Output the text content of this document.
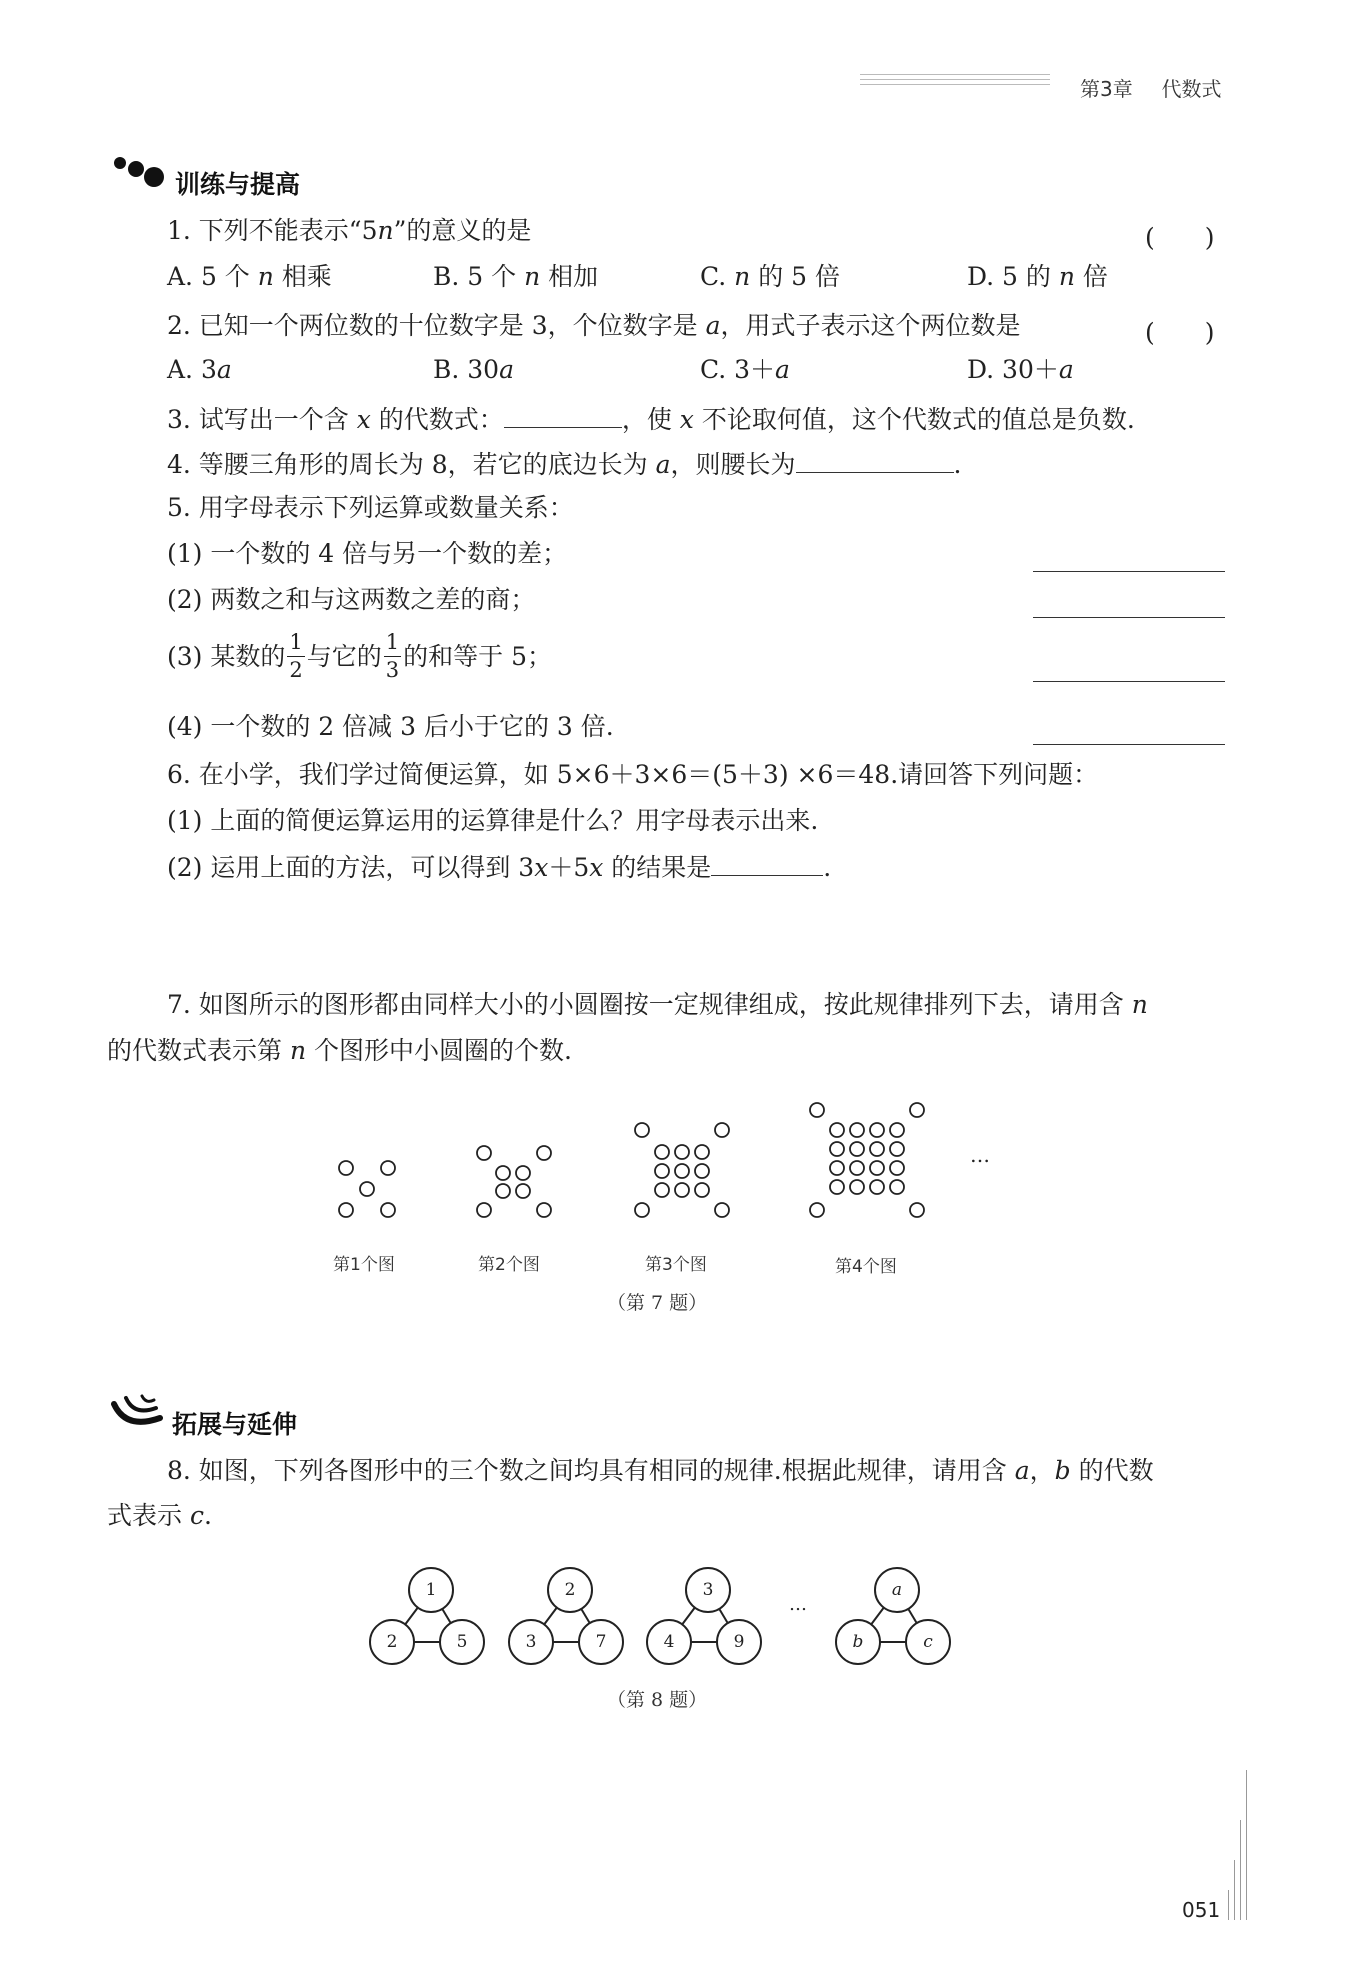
第3章 代数式
训练与提高
1. 下列不能表示“5n”的意义的是	(　　)
A. 5 个 n 相乘	B. 5 个 n 相加	C. n 的 5 倍	D. 5 的 n 倍
2. 已知一个两位数的十位数字是 3，个位数字是 a，用式子表示这个两位数是	(　　)
A. 3a	B. 30a	C. 3＋a	D. 30＋a
3. 试写出一个含 x 的代数式：	，使 x 不论取何值，这个代数式的值总是负数.
4. 等腰三角形的周长为 8，若它的底边长为 a，则腰长为	.
5. 用字母表示下列运算或数量关系：
(1) 一个数的 4 倍与另一个数的差；
(2) 两数之和与这两数之差的商；
(3) 某数的 $\frac{1}{2}$ 与它的 $\frac{1}{3}$ 的和等于 5；
(4) 一个数的 2 倍减 3 后小于它的 3 倍.
6. 在小学，我们学过简便运算，如 5×6＋3×6＝(5＋3) ×6＝48.请回答下列问题：
(1) 上面的简便运算运用的运算律是什么？用字母表示出来.
(2) 运用上面的方法，可以得到 3x＋5x 的结果是	.
7. 如图所示的图形都由同样大小的小圆圈按一定规律组成，按此规律排列下去，请用含 n
的代数式表示第 n 个图形中小圆圈的个数.
…
第1个图	第2个图	第3个图	第4个图
（第 7 题）
拓展与延伸
8. 如图，下列各图形中的三个数之间均具有相同的规律.根据此规律，请用含 a，b 的代数
式表示 c.
1
2	5
2
3	7
3
4	9
a
b	c
…
（第 8 题）
051
